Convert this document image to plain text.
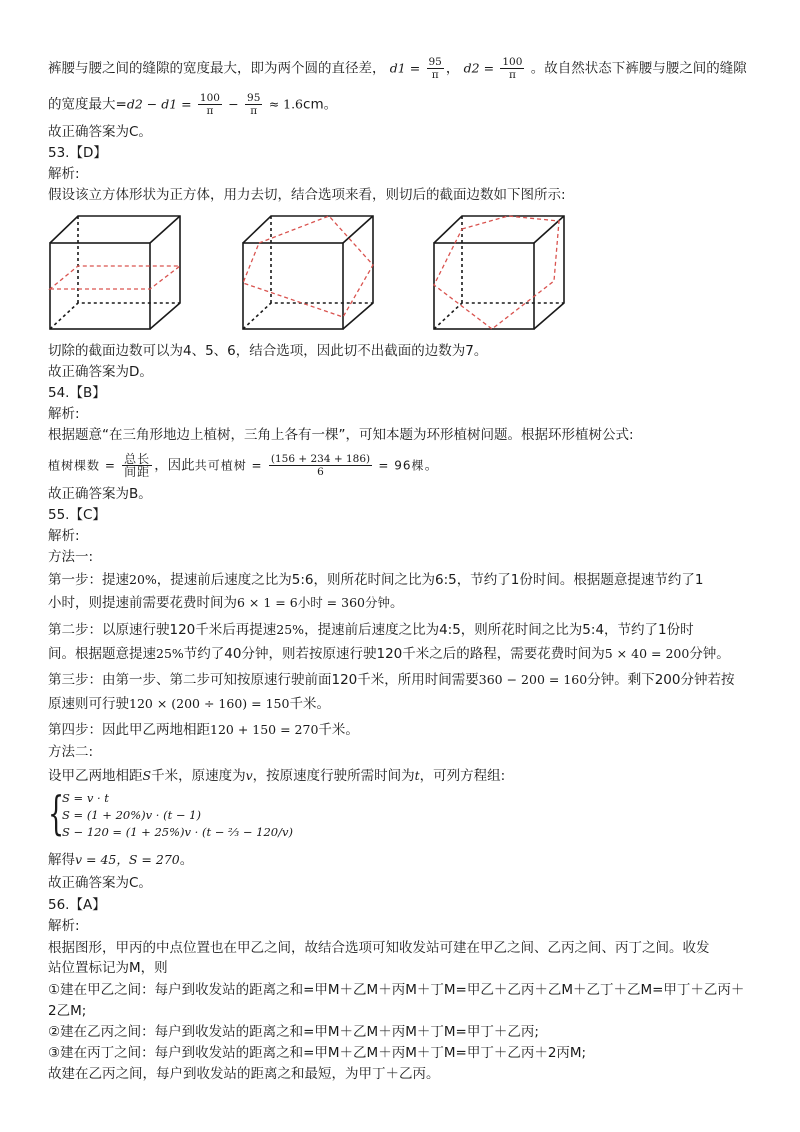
裤腰与腰之间的缝隙的宽度最大，即为两个圆的直径差， $d1 = \frac{95}{\pi}$ ， $d2 = \frac{100}{\pi}$ 。故自然状态下裤腰与腰之间的缝隙
的宽度最大$=d2 - d1 = \frac{100}{\pi} - \frac{95}{\pi} \approx 1.6cm$。
故正确答案为C。
53.【D】
解析:
假设该立方体形状为正方体，用力去切，结合选项来看，则切后的截面边数如下图所示:
切除的截面边数可以为4、5、6，结合选项，因此切不出截面的边数为7。
故正确答案为D。
54.【B】
解析:
根据题意“在三角形地边上植树，三角上各有一棵”，可知本题为环形植树问题。根据环形植树公式:
植树棵数 = $\frac{\text{总长}}{\text{间距}}$ ，因此共可植树 = $\frac{(156 + 234 + 186)}{6} = 96$棵。
故正确答案为B。
55.【C】
解析:
方法一:
第一步：提速20%，提速前后速度之比为5:6，则所花时间之比为6:5，节约了1份时间。根据题意提速节约了1
小时，则提速前需要花费时间为6 × 1 = 6小时 = 360分钟。
第二步：以原速行驶120千米后再提速25%，提速前后速度之比为4:5，则所花时间之比为5:4，节约了1份时
间。根据题意提速25%节约了40分钟，则若按原速行驶120千米之后的路程，需要花费时间为5 × 40 = 200分钟。
第三步：由第一步、第二步可知按原速行驶前面120千米，所用时间需要360 − 200 = 160分钟。剩下200分钟若按
原速则可行驶120 × (200 ÷ 160) = 150千米。
第四步：因此甲乙两地相距120 + 150 = 270千米。
方法二:
设甲乙两地相距S千米，原速度为v，按原速度行驶所需时间为t，可列方程组:
{
S = v · t
S = (1 + 20%)v · (t − 1)
S − 120 = (1 + 25%)v · (t − ⅔ − 120/v)
解得v = 45，S = 270。
故正确答案为C。
56.【A】
解析:
根据图形，甲丙的中点位置也在甲乙之间，故结合选项可知收发站可建在甲乙之间、乙丙之间、丙丁之间。收发
站位置标记为M，则
①建在甲乙之间：每户到收发站的距离之和=甲M＋乙M＋丙M＋丁M=甲乙＋乙丙＋乙M＋乙丁＋乙M=甲丁＋乙丙＋
2乙M;
②建在乙丙之间：每户到收发站的距离之和=甲M＋乙M＋丙M＋丁M=甲丁＋乙丙;
③建在丙丁之间：每户到收发站的距离之和=甲M＋乙M＋丙M＋丁M=甲丁＋乙丙＋2丙M;
故建在乙丙之间，每户到收发站的距离之和最短，为甲丁＋乙丙。
